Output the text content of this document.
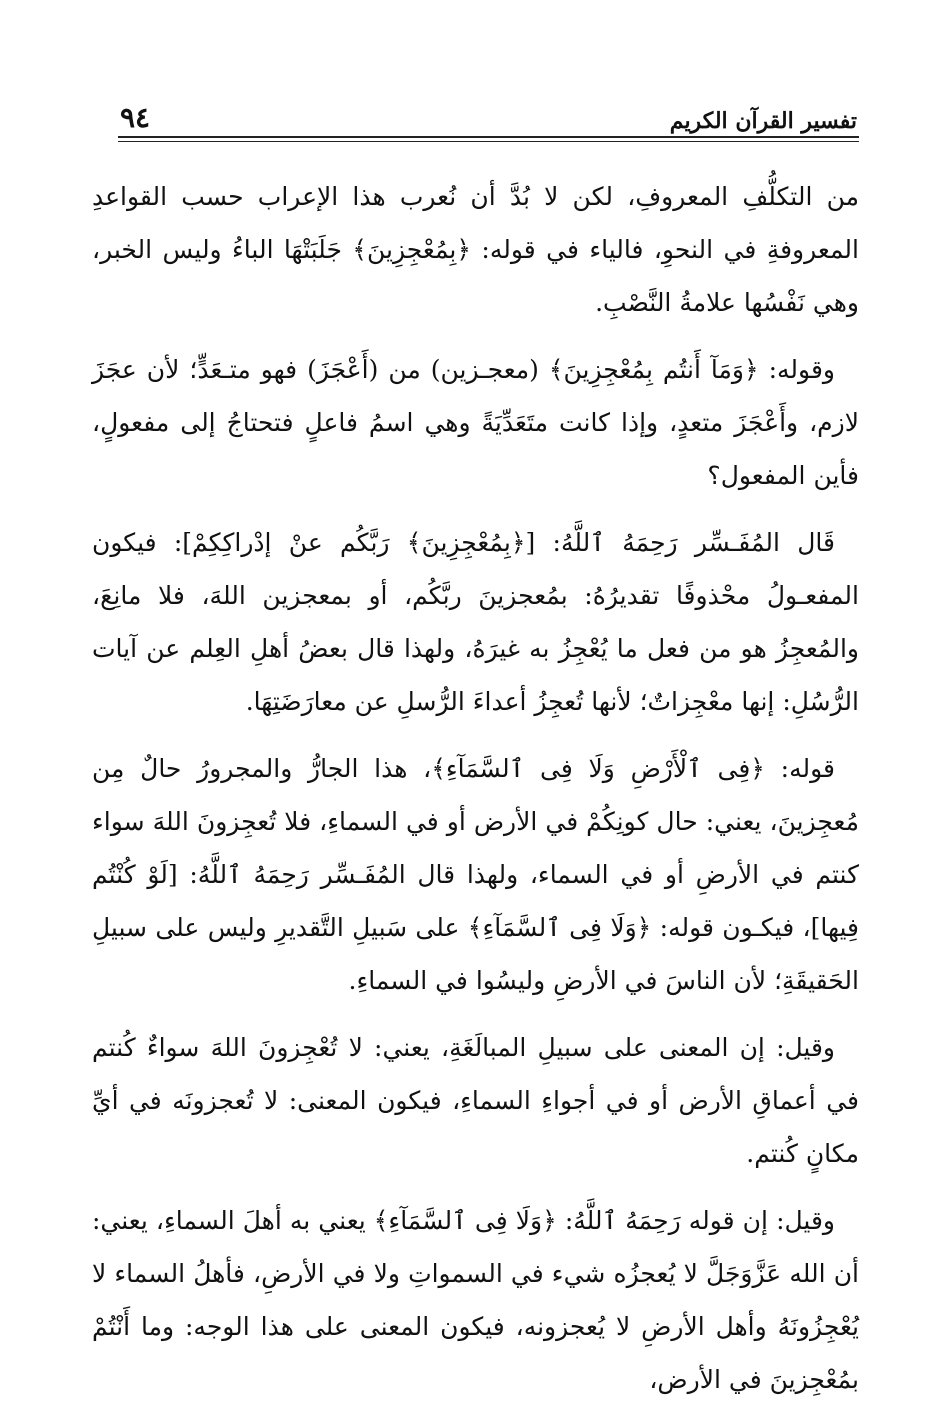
٩٤	تفسير القرآن الكريم

من التكلُّفِ المعروفِ، لكن لا بُدَّ أن نُعرب هذا الإعراب حسب القواعدِ المعروفةِ في النحوِ، فالياء في قوله: ﴿بِمُعْجِزِينَ﴾ جَلَبَتْهَا الباءُ وليس الخبر، وهي نَفْسُها علامةُ النَّصْبِ.

وقوله: ﴿وَمَآ أَنتُم بِمُعْجِزِينَ﴾ (معجـزين) من (أَعْجَزَ) فهو متـعَدٍّ؛ لأن عجَزَ لازم، وأَعْجَزَ متعدٍ، وإذا كانت متَعَدِّيَةً وهي اسمُ فاعلٍ فتحتاجُ إلى مفعولٍ، فأين المفعول؟

قَال المُفَـسِّر رَحِمَهُ ٱللَّهُ: [﴿بِمُعْجِزِينَ﴾ رَبَّكُم عنْ إدْراكِكِمْ]: فيكون المفعـولُ محْذوفًا تقديرُهُ: بمُعجزينَ ربَّكُم، أو بمعجزين اللهَ، فلا مانِعَ، والمُعجِزُ هو من فعل ما يُعْجِزُ به غيرَهُ، ولهذا قال بعضُ أهلِ العِلم عن آيات الرُّسُلِ: إنها معْجِزاتٌ؛ لأنها تُعجِزُ أعداءَ الرُّسلِ عن معارَضَتِهَا.

قوله: ﴿فِى ٱلْأَرْضِ وَلَا فِى ٱلسَّمَآءِ﴾، هذا الجارُّ والمجرورُ حالٌ مِن مُعجِزينَ، يعني: حال كونِكُمْ في الأرض أو في السماءِ، فلا تُعجِزونَ اللهَ سواء كنتم في الأرضِ أو في السماء، ولهذا قال المُفَـسِّر رَحِمَهُ ٱللَّهُ: [لَوْ كُنْتُم فِيها]، فيكـون قوله: ﴿وَلَا فِى ٱلسَّمَآءِ﴾ على سَبيلِ التَّقديرِ وليس على سبيلِ الحَقيقَةِ؛ لأن الناسَ في الأرضِ وليسُوا في السماءِ.

وقيل: إن المعنى على سبيلِ المبالَغَةِ، يعني: لا تُعْجِزونَ اللهَ سواءٌ كُنتم في أعماقِ الأرض أو في أجواءِ السماءِ، فيكون المعنى: لا تُعجزونَه في أيِّ مكانٍ كُنتم.

وقيل: إن قوله رَحِمَهُ ٱللَّهُ: ﴿وَلَا فِى ٱلسَّمَآءِ﴾ يعني به أهلَ السماءِ، يعني: أن الله عَزَّوَجَلَّ لا يُعجزُه شيء في السمواتِ ولا في الأرضِ، فأهلُ السماء لا يُعْجِزُونَهُ وأهل الأرضِ لا يُعجزونه، فيكون المعنى على هذا الوجه: وما أَنْتُمْ بمُعْجِزينَ في الأرض،
